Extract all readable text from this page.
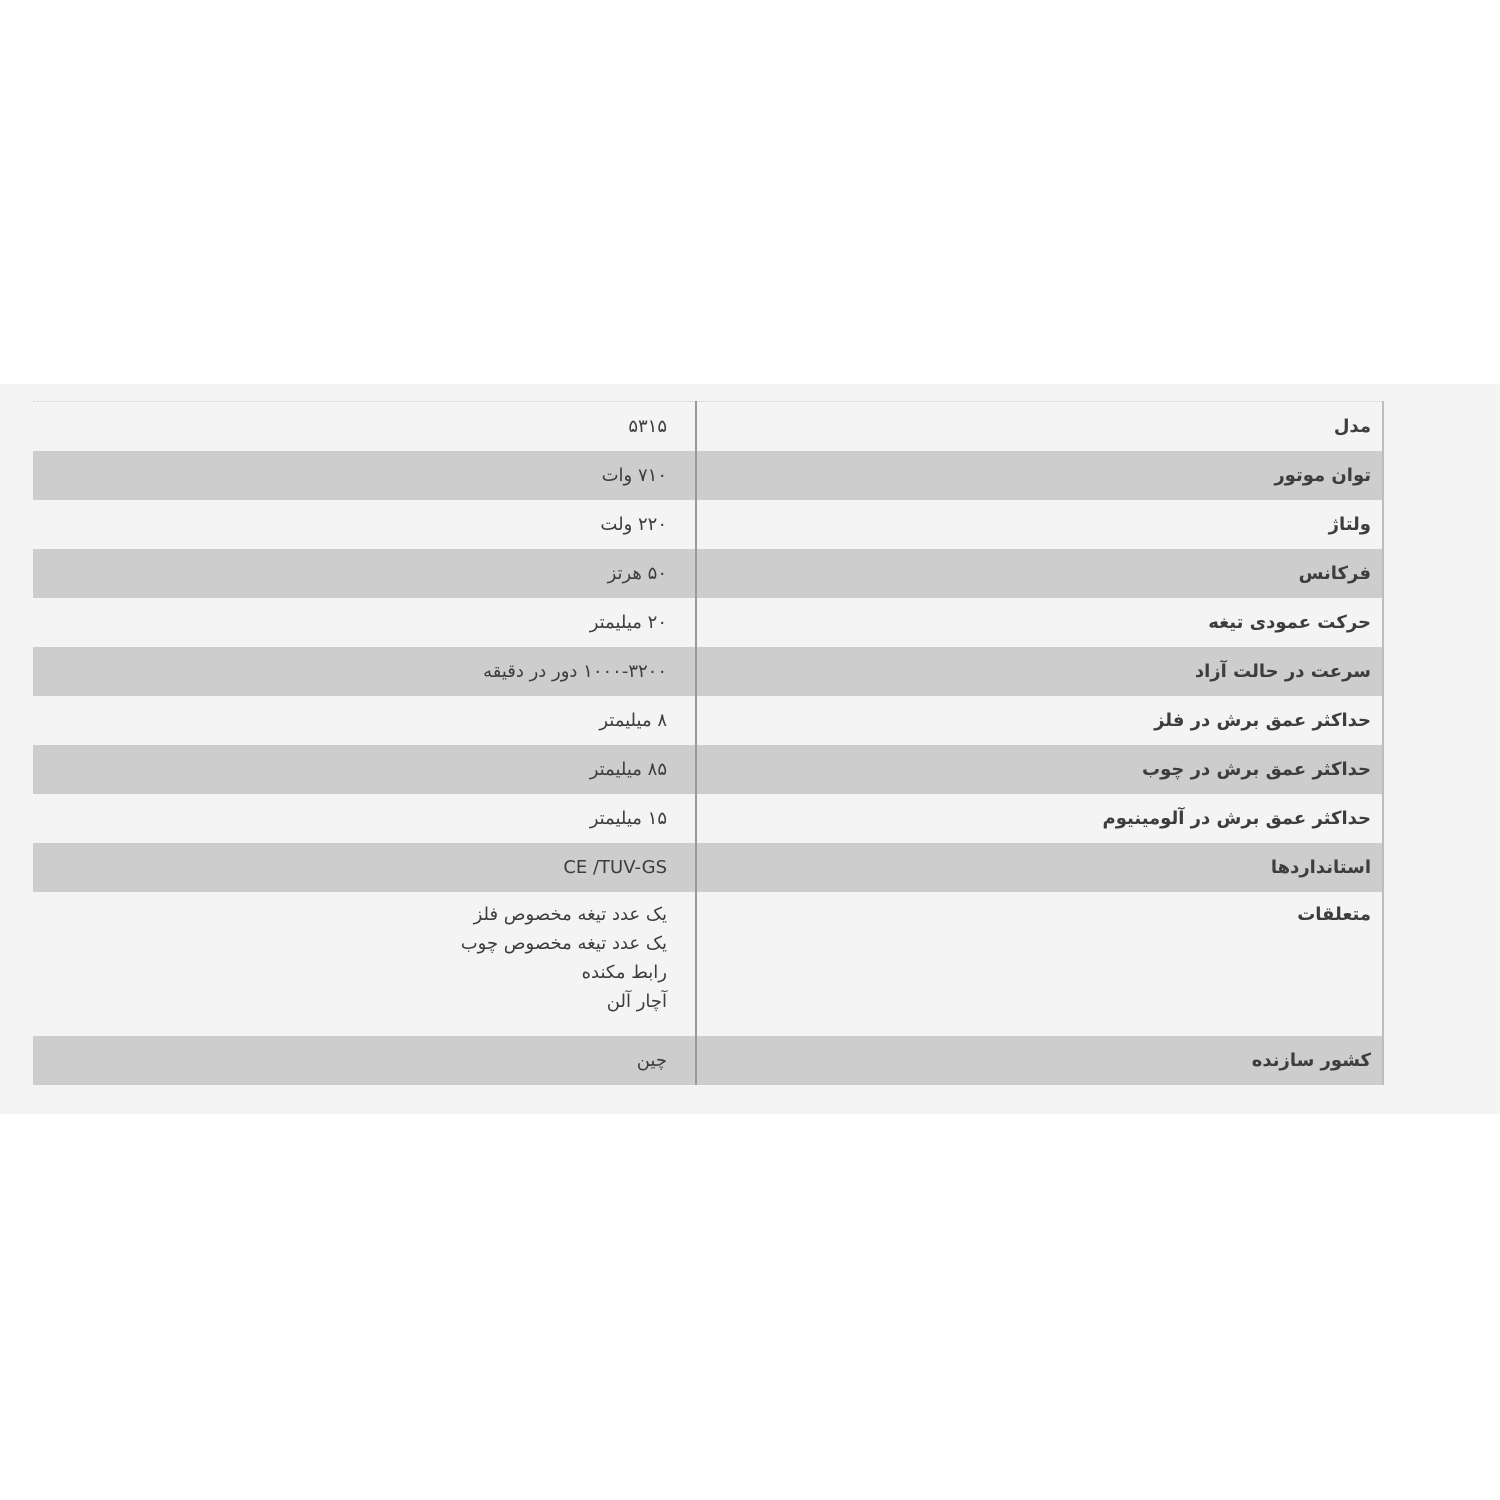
مدل	۵۳۱۵
توان موتور	۷۱۰ وات
ولتاژ	۲۲۰ ولت
فرکانس	۵۰ هرتز
حرکت عمودی تیغه	۲۰ میلیمتر
سرعت در حالت آزاد	۱۰۰۰-۳۲۰۰ دور در دقیقه
حداکثر عمق برش در فلز	۸ میلیمتر
حداکثر عمق برش در چوب	۸۵ میلیمتر
حداکثر عمق برش در آلومینیوم	۱۵ میلیمتر
استانداردها	CE /TUV-GS
متعلقات	یک عدد تیغه مخصوص فلز
یک عدد تیغه مخصوص چوب
رابط مکنده
آچار آلن

کشور سازنده	چین
